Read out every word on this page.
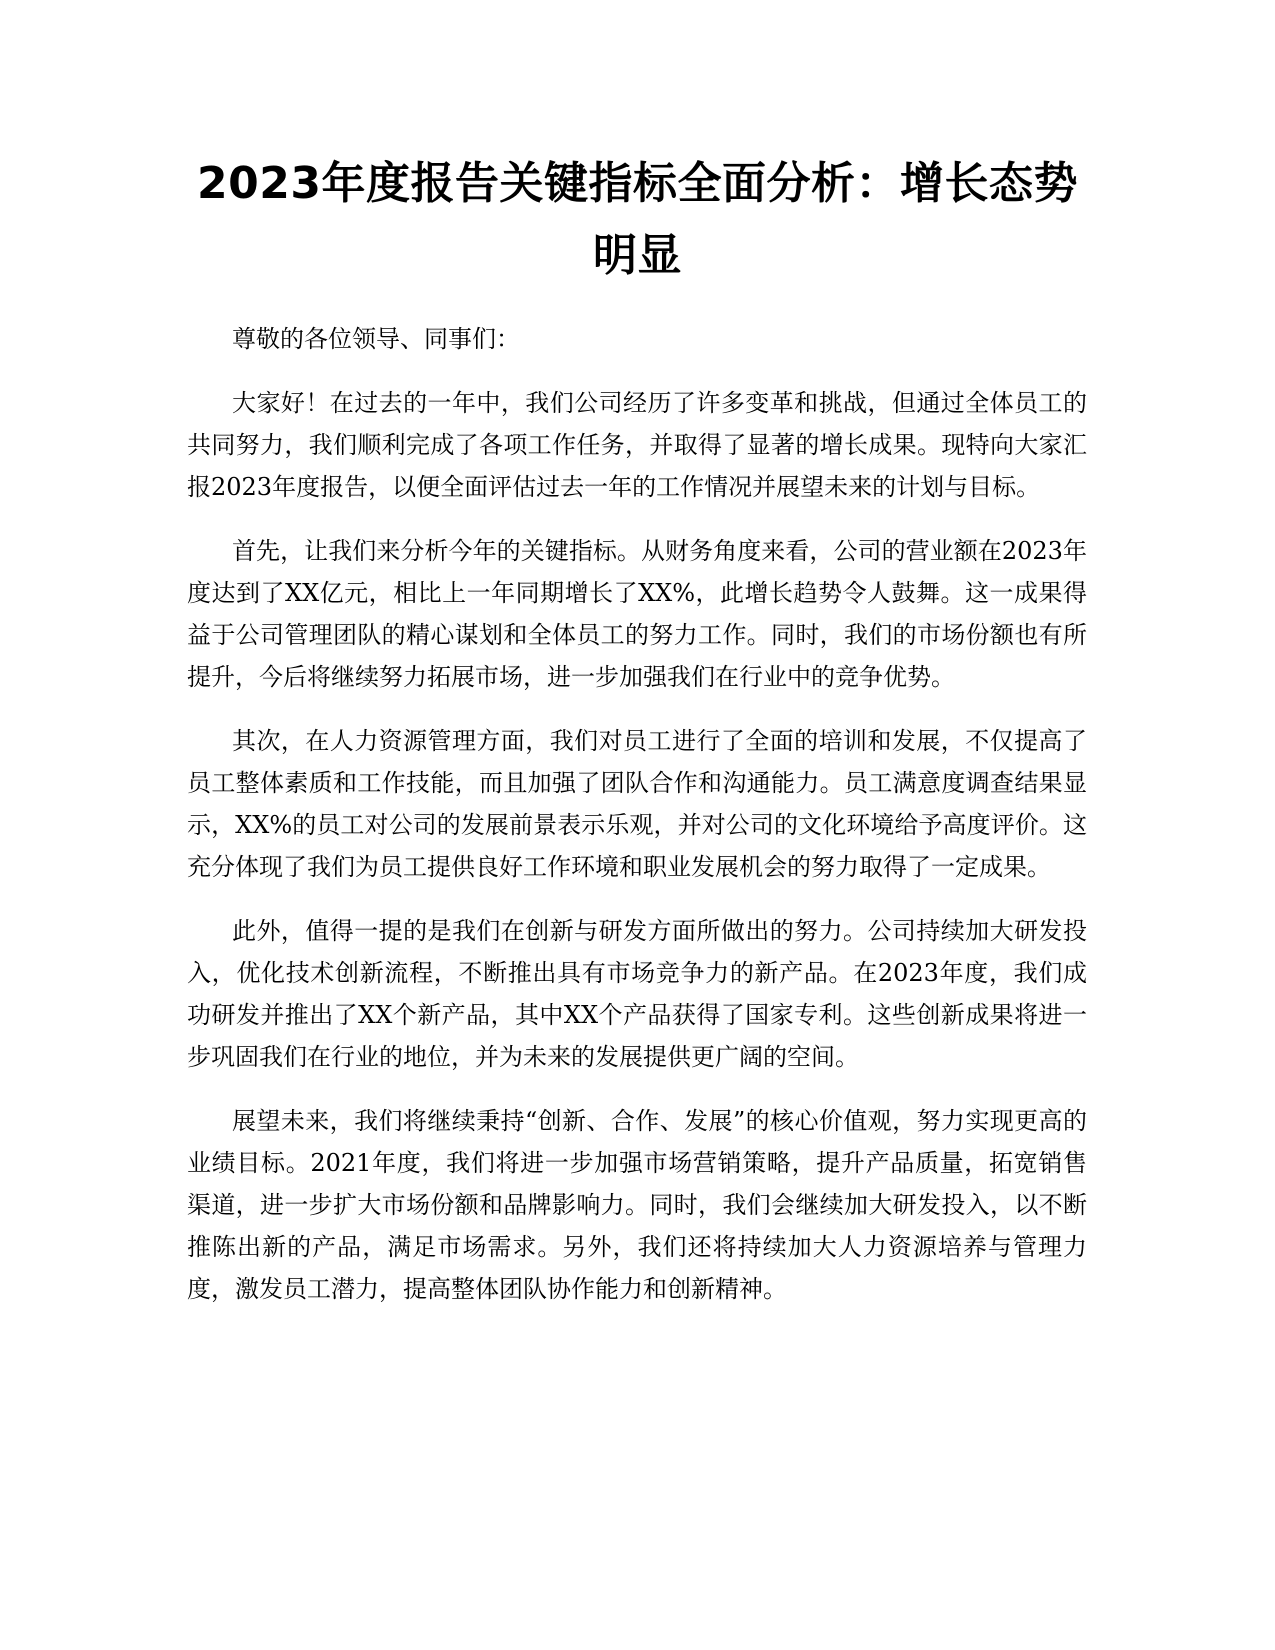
2023年度报告关键指标全面分析：增长态势明显

尊敬的各位领导、同事们：

大家好！在过去的一年中，我们公司经历了许多变革和挑战，但通过全体员工的共同努力，我们顺利完成了各项工作任务，并取得了显著的增长成果。现特向大家汇报2023年度报告，以便全面评估过去一年的工作情况并展望未来的计划与目标。

首先，让我们来分析今年的关键指标。从财务角度来看，公司的营业额在2023年度达到了XX亿元，相比上一年同期增长了XX%，此增长趋势令人鼓舞。这一成果得益于公司管理团队的精心谋划和全体员工的努力工作。同时，我们的市场份额也有所提升，今后将继续努力拓展市场，进一步加强我们在行业中的竞争优势。

其次，在人力资源管理方面，我们对员工进行了全面的培训和发展，不仅提高了员工整体素质和工作技能，而且加强了团队合作和沟通能力。员工满意度调查结果显示，XX%的员工对公司的发展前景表示乐观，并对公司的文化环境给予高度评价。这充分体现了我们为员工提供良好工作环境和职业发展机会的努力取得了一定成果。

此外，值得一提的是我们在创新与研发方面所做出的努力。公司持续加大研发投入，优化技术创新流程，不断推出具有市场竞争力的新产品。在2023年度，我们成功研发并推出了XX个新产品，其中XX个产品获得了国家专利。这些创新成果将进一步巩固我们在行业的地位，并为未来的发展提供更广阔的空间。

展望未来，我们将继续秉持“创新、合作、发展”的核心价值观，努力实现更高的业绩目标。2021年度，我们将进一步加强市场营销策略，提升产品质量，拓宽销售渠道，进一步扩大市场份额和品牌影响力。同时，我们会继续加大研发投入，以不断推陈出新的产品，满足市场需求。另外，我们还将持续加大人力资源培养与管理力度，激发员工潜力，提高整体团队协作能力和创新精神。
